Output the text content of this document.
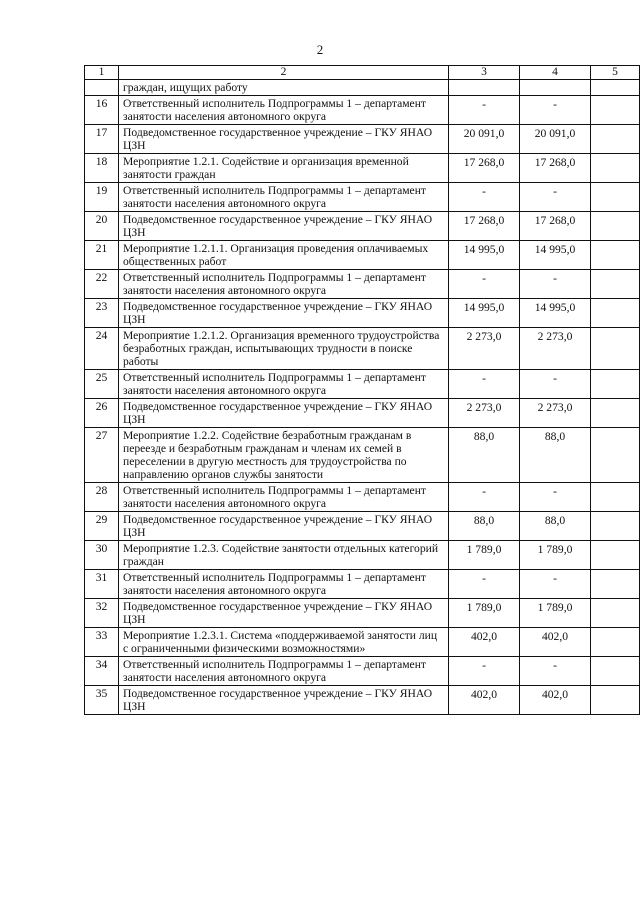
2
1	2	3	4	5
	граждан, ищущих работу			
16	Ответственный исполнитель Подпрограммы 1 – департамент занятости населения автономного округа	-	-	
17	Подведомственное государственное учреждение – ГКУ ЯНАО ЦЗН	20 091,0	20 091,0	
18	Мероприятие 1.2.1. Содействие и организация временной занятости граждан	17 268,0	17 268,0	
19	Ответственный исполнитель Подпрограммы 1 – департамент занятости населения автономного округа	-	-	
20	Подведомственное государственное учреждение – ГКУ ЯНАО ЦЗН	17 268,0	17 268,0	
21	Мероприятие 1.2.1.1. Организация проведения оплачиваемых общественных работ	14 995,0	14 995,0	
22	Ответственный исполнитель Подпрограммы 1 – департамент занятости населения автономного округа	-	-	
23	Подведомственное государственное учреждение – ГКУ ЯНАО ЦЗН	14 995,0	14 995,0	
24	Мероприятие 1.2.1.2. Организация временного трудоустройства безработных граждан, испытывающих трудности в поиске работы	2 273,0	2 273,0	
25	Ответственный исполнитель Подпрограммы 1 – департамент занятости населения автономного округа	-	-	
26	Подведомственное государственное учреждение – ГКУ ЯНАО ЦЗН	2 273,0	2 273,0	
27	Мероприятие 1.2.2. Содействие безработным гражданам в переезде и безработным гражданам и членам их семей в переселении в другую местность для трудоустройства по направлению органов службы занятости	88,0	88,0	
28	Ответственный исполнитель Подпрограммы 1 – департамент занятости населения автономного округа	-	-	
29	Подведомственное государственное учреждение – ГКУ ЯНАО ЦЗН	88,0	88,0	
30	Мероприятие 1.2.3. Содействие занятости отдельных категорий граждан	1 789,0	1 789,0	
31	Ответственный исполнитель Подпрограммы 1 – департамент занятости населения автономного округа	-	-	
32	Подведомственное государственное учреждение – ГКУ ЯНАО ЦЗН	1 789,0	1 789,0	
33	Мероприятие 1.2.3.1. Система «поддерживаемой занятости лиц с ограниченными физическими возможностями»	402,0	402,0	
34	Ответственный исполнитель Подпрограммы 1 – департамент занятости населения автономного округа	-	-	
35	Подведомственное государственное учреждение – ГКУ ЯНАО ЦЗН	402,0	402,0	
